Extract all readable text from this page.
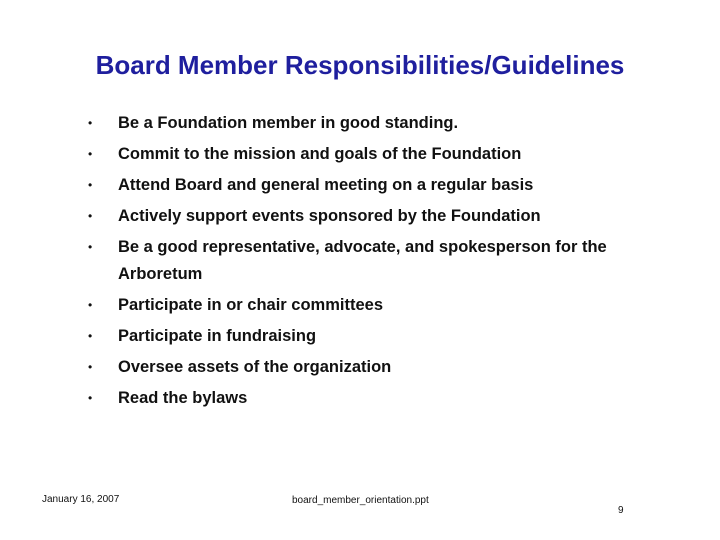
Board Member Responsibilities/Guidelines
• Be a Foundation member in good standing.
• Commit to the mission and goals of the Foundation
• Attend Board and general meeting on a regular basis
• Actively support events sponsored by the Foundation
• Be a good representative, advocate, and spokesperson for the Arboretum
• Participate in or chair committees
• Participate in fundraising
• Oversee assets of the organization
• Read the bylaws
January 16, 2007	board_member_orientation.ppt
9
